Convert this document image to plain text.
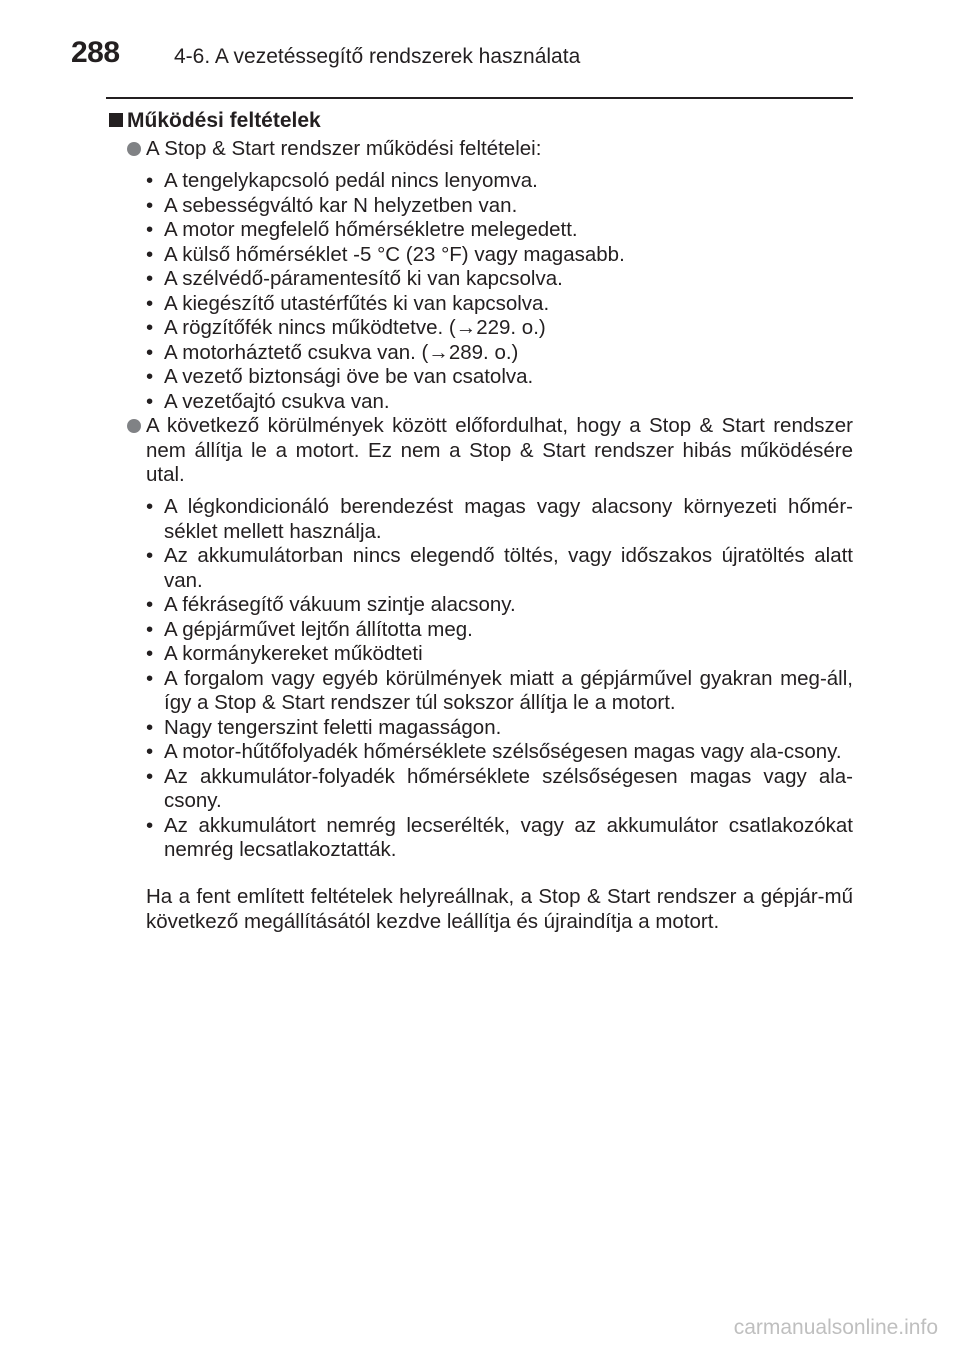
288	4-6. A vezetéssegítő rendszerek használata
Működési feltételek
A Stop & Start rendszer működési feltételei:
• A tengelykapcsoló pedál nincs lenyomva.
• A sebességváltó kar N helyzetben van.
• A motor megfelelő hőmérsékletre melegedett.
• A külső hőmérséklet -5 °C (23 °F) vagy magasabb.
• A szélvédő-páramentesítő ki van kapcsolva.
• A kiegészítő utastérfűtés ki van kapcsolva.
• A rögzítőfék nincs működtetve. (→229. o.)
• A motorháztető csukva van. (→289. o.)
• A vezető biztonsági öve be van csatolva.
• A vezetőajtó csukva van.
A következő körülmények között előfordulhat, hogy a Stop & Start rendszer nem állítja le a motort. Ez nem a Stop & Start rendszer hibás működésére utal.
• A légkondicionáló berendezést magas vagy alacsony környezeti hőmér-séklet mellett használja.
• Az akkumulátorban nincs elegendő töltés, vagy időszakos újratöltés alatt van.
• A fékrásegítő vákuum szintje alacsony.
• A gépjárművet lejtőn állította meg.
• A kormánykereket működteti
• A forgalom vagy egyéb körülmények miatt a gépjárművel gyakran meg-áll, így a Stop & Start rendszer túl sokszor állítja le a motort.
• Nagy tengerszint feletti magasságon.
• A motor-hűtőfolyadék hőmérséklete szélsőségesen magas vagy ala-csony.
• Az akkumulátor-folyadék hőmérséklete szélsőségesen magas vagy ala-csony.
• Az akkumulátort nemrég lecserélték, vagy az akkumulátor csatlakozókat nemrég lecsatlakoztatták.
Ha a fent említett feltételek helyreállnak, a Stop & Start rendszer a gépjár-mű következő megállításától kezdve leállítja és újraindítja a motort.
carmanualsonline.info
